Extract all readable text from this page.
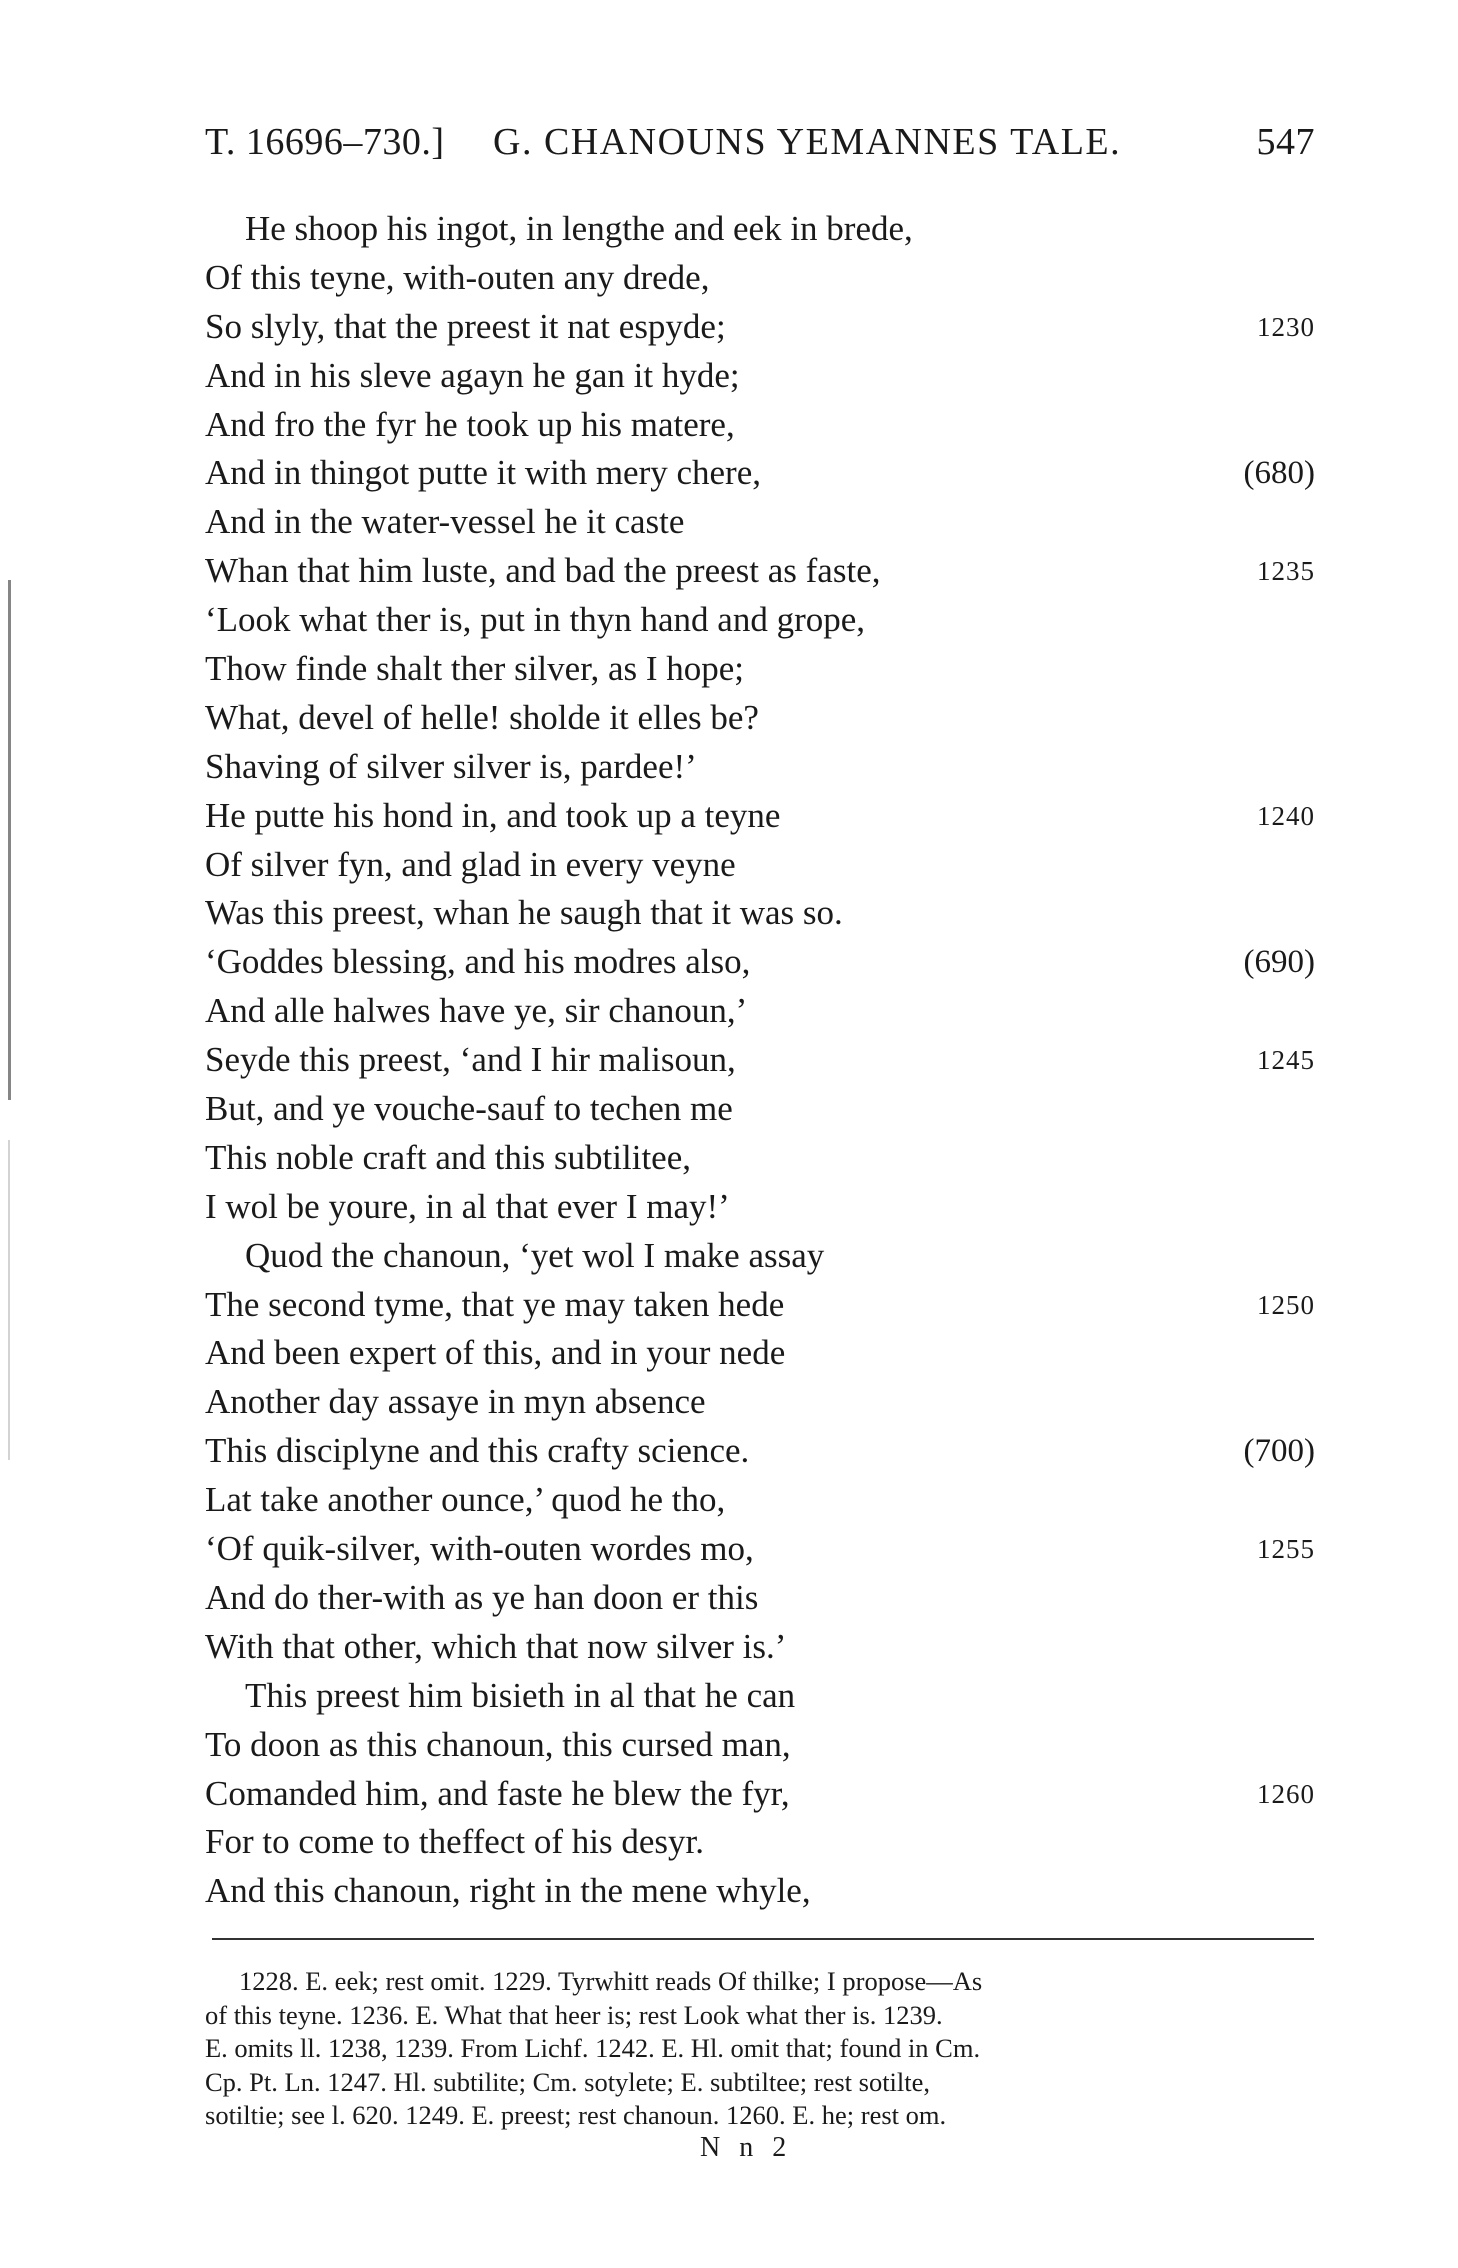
T. 16696–730.] G. CHANOUNS YEMANNES TALE.	547
He shoop his ingot, in lengthe and eek in brede,
Of this teyne, with-outen any drede,
So slyly, that the preest it nat espyde;	1230
And in his sleve agayn he gan it hyde;
And fro the fyr he took up his matere,
And in thingot putte it with mery chere,	(680)
And in the water-vessel he it caste
Whan that him luste, and bad the preest as faste,	1235
‘Look what ther is, put in thyn hand and grope,
Thow finde shalt ther silver, as I hope;
What, devel of helle! sholde it elles be?
Shaving of silver silver is, pardee!’
He putte his hond in, and took up a teyne	1240
Of silver fyn, and glad in every veyne
Was this preest, whan he saugh that it was so.
‘Goddes blessing, and his modres also,	(690)
And alle halwes have ye, sir chanoun,’
Seyde this preest, ‘and I hir malisoun,	1245
But, and ye vouche-sauf to techen me
This noble craft and this subtilitee,
I wol be youre, in al that ever I may!’
Quod the chanoun, ‘yet wol I make assay
The second tyme, that ye may taken hede	1250
And been expert of this, and in your nede
Another day assaye in myn absence
This disciplyne and this crafty science.	(700)
Lat take another ounce,’ quod he tho,
‘Of quik-silver, with-outen wordes mo,	1255
And do ther-with as ye han doon er this
With that other, which that now silver is.’
This preest him bisieth in al that he can
To doon as this chanoun, this cursed man,
Comanded him, and faste he blew the fyr,	1260
For to come to theffect of his desyr.
And this chanoun, right in the mene whyle,
1228. E. eek; rest omit. 1229. Tyrwhitt reads Of thilke; I propose—As
of this teyne. 1236. E. What that heer is; rest Look what ther is. 1239.
E. omits ll. 1238, 1239. From Lichf. 1242. E. Hl. omit that; found in Cm.
Cp. Pt. Ln. 1247. Hl. subtilite; Cm. sotylete; E. subtiltee; rest sotilte,
sotiltie; see l. 620. 1249. E. preest; rest chanoun. 1260. E. he; rest om.
N n 2
